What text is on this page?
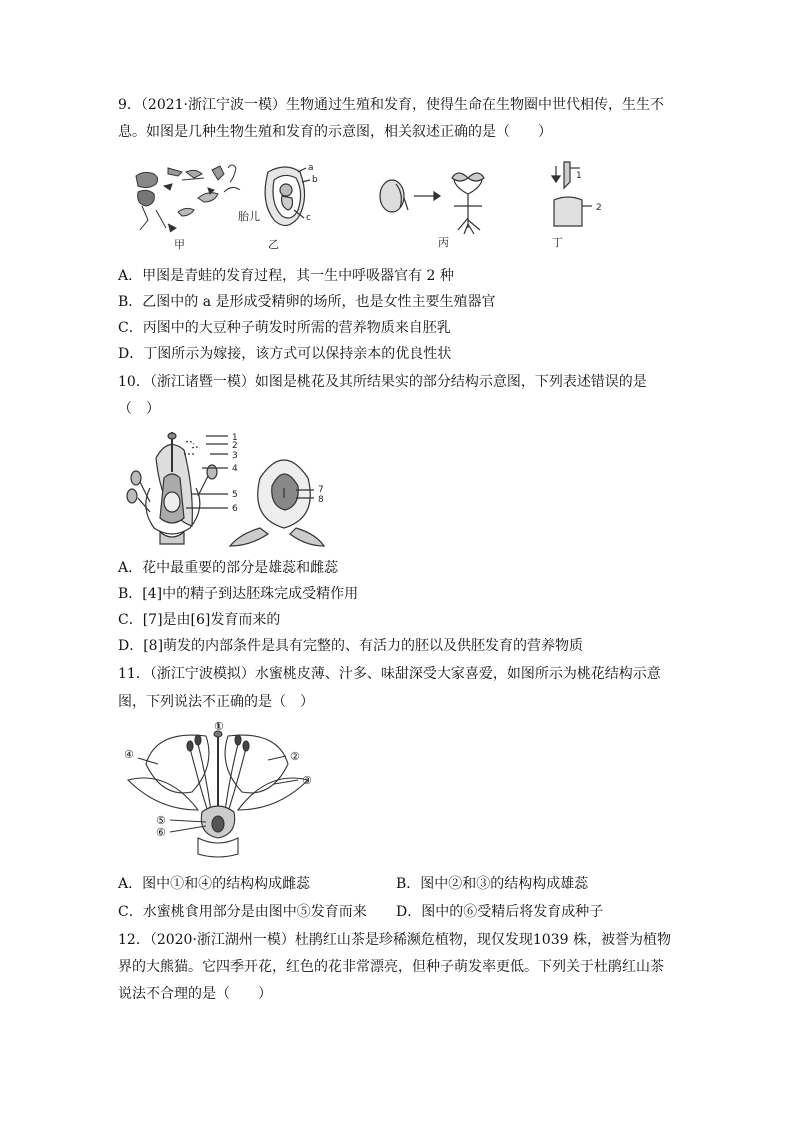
9．（2021·浙江宁波一模）生物通过生殖和发育，使得生命在生物圈中世代相传，生生不
息。如图是几种生物生殖和发育的示意图，相关叙述正确的是（　　）
甲
a
b
c
胎儿
乙	丙
1
2
丁
A．甲图是青蛙的发育过程，其一生中呼吸器官有 2 种
B．乙图中的 a 是形成受精卵的场所，也是女性主要生殖器官
C．丙图中的大豆种子萌发时所需的营养物质来自胚乳
D．丁图所示为嫁接，该方式可以保持亲本的优良性状
10．（浙江诸暨一模）如图是桃花及其所结果实的部分结构示意图，下列表述错误的是
（　）
1
2
3
4
5
6
7
8
A．花中最重要的部分是雄蕊和雌蕊
B．[4]中的精子到达胚珠完成受精作用
C．[7]是由[6]发育而来的
D．[8]萌发的内部条件是具有完整的、有活力的胚以及供胚发育的营养物质
11．（浙江宁波模拟）水蜜桃皮薄、汁多、味甜深受大家喜爱，如图所示为桃花结构示意
图，下列说法不正确的是（　）
①
②
③
④
⑤
⑥
A．图中①和④的结构构成雌蕊	B．图中②和③的结构构成雄蕊
C．水蜜桃食用部分是由图中⑤发育而来 D．图中的⑥受精后将发育成种子
12．（2020·浙江湖州一模）杜鹃红山茶是珍稀濒危植物，现仅发现1039 株，被誉为植物
界的大熊猫。它四季开花，红色的花非常漂亮，但种子萌发率更低。下列关于杜鹃红山茶
说法不合理的是（　　）
